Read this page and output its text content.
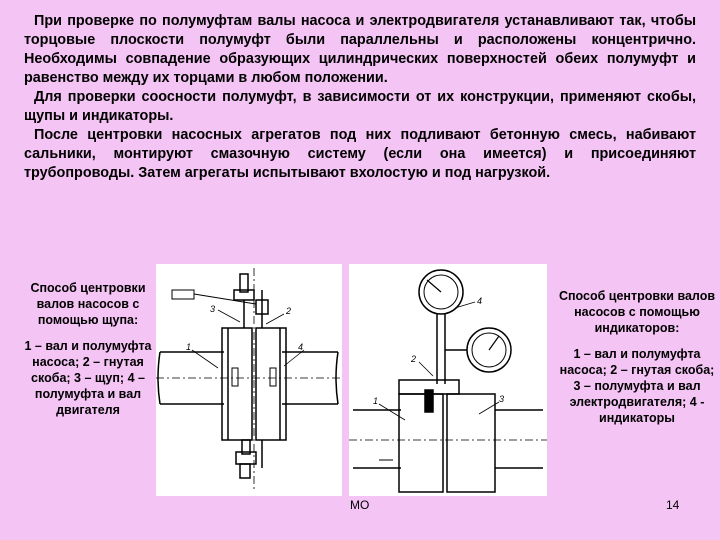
При проверке по полумуфтам валы насоса и электродвигателя устанавливают так, чтобы торцовые плоскости полумуфт были параллельны и расположены концентрично. Необходимы совпадение образующих цилиндрических поверхностей обеих полумуфт и равенство между их торцами в любом положении.

Для проверки соосности полумуфт, в зависимости от их конструкции, применяют скобы, щупы и индикаторы.

После центровки насосных агрегатов под них подливают бетонную смесь, набивают сальники, монтируют смазочную систему (если она имеется) и присоединяют трубопроводы. Затем агрегаты испытывают вхолостую и под нагрузкой.

Способ центровки валов насосов с помощью щупа:
1 – вал и полумуфта насоса; 2 – гнутая скоба; 3 – щуп; 4 – полумуфта и вал двигателя
1
2
3
4
1
2
3
4	Способ центровки валов насосов с помощью индикаторов:
1 – вал и полумуфта насоса; 2 – гнутая скоба; 3 – полумуфта и вал электродвигателя; 4 - индикаторы
МО	14
